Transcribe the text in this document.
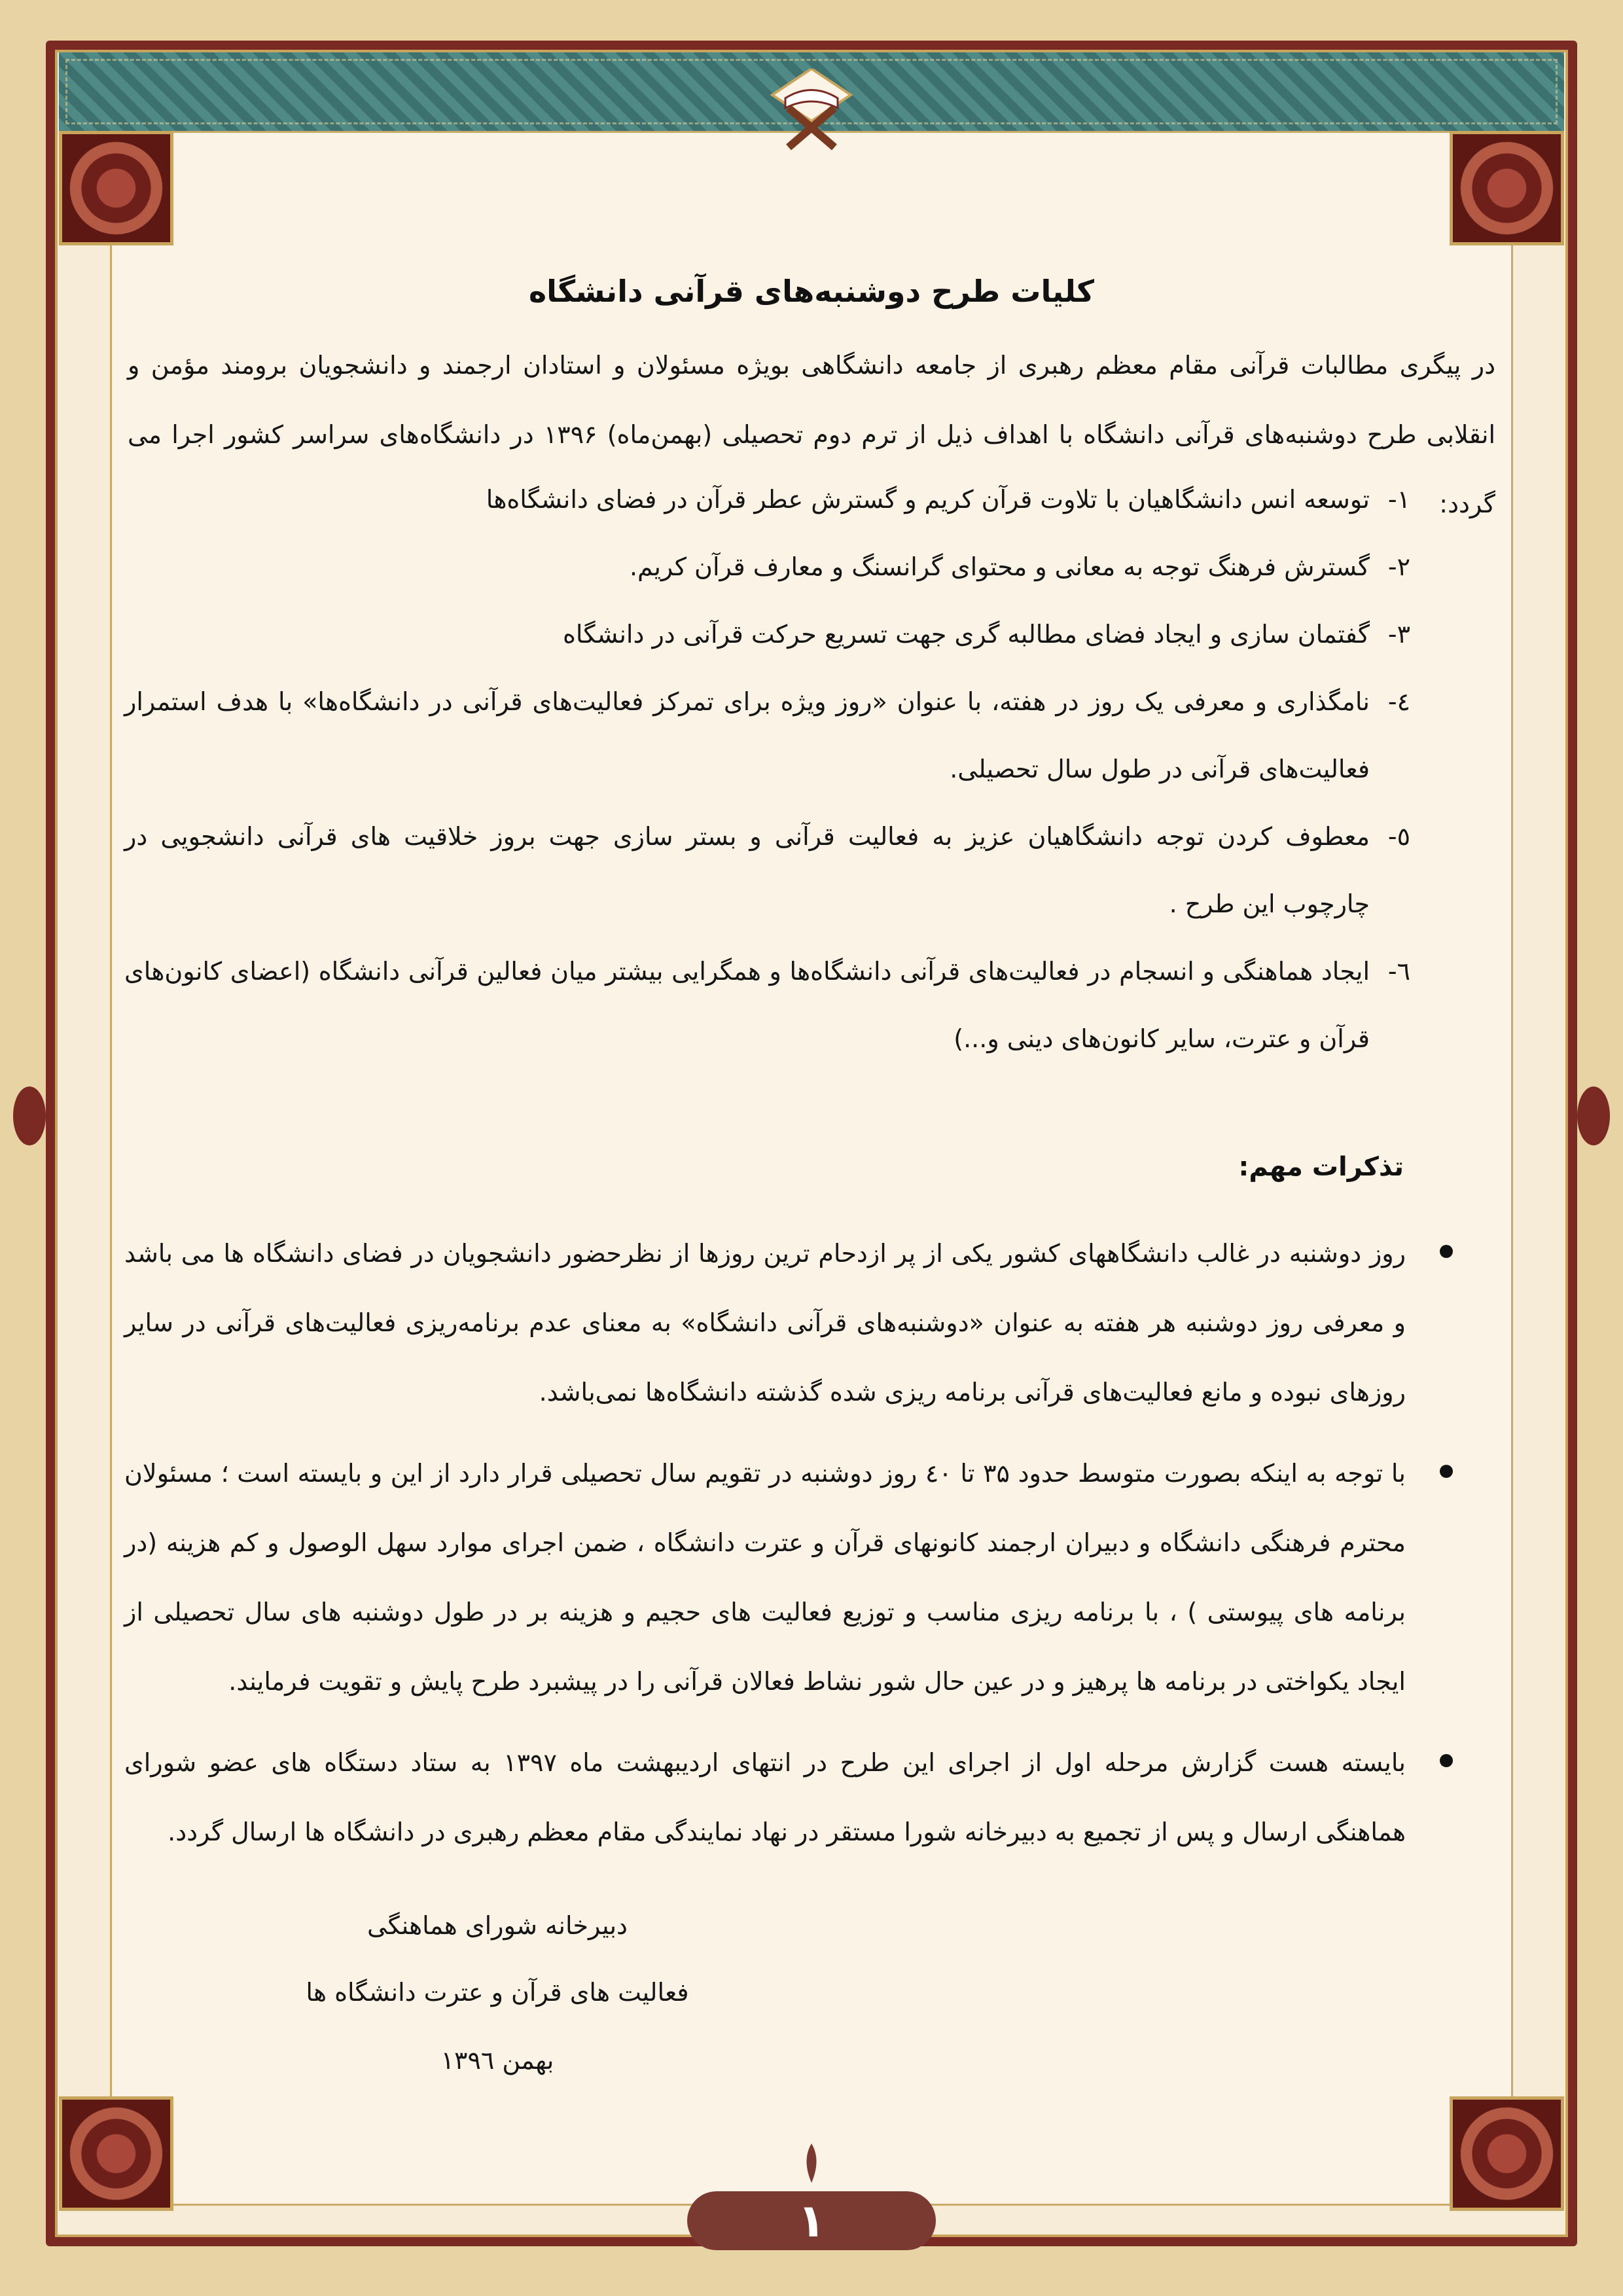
کلیات طرح دوشنبه‌های قرآنی دانشگاه
در پیگری مطالبات قرآنی مقام معظم رهبری از جامعه دانشگاهی بویژه مسئولان و استادان ارجمند و دانشجویان برومند مؤمن و انقلابی طرح دوشنبه‌های قرآنی دانشگاه با اهداف ذیل از ترم دوم تحصیلی (بهمن‌ماه) ۱۳۹۶ در دانشگاه‌های سراسر کشور اجرا می گردد:
۱-
توسعه انس دانشگاهیان با تلاوت قرآن کریم و گسترش عطر قرآن در فضای دانشگاه‌ها
۲-
گسترش فرهنگ توجه به معانی و محتوای گرانسنگ و معارف قرآن کریم.
۳-
گفتمان سازی و ایجاد فضای مطالبه گری جهت تسریع حرکت قرآنی در دانشگاه
٤-
نامگذاری و معرفی یک روز در هفته، با عنوان «روز ویژه برای تمرکز فعالیت‌های قرآنی در دانشگاه‌ها» با هدف استمرار فعالیت‌های قرآنی در طول سال تحصیلی.
٥-
معطوف کردن توجه دانشگاهیان عزیز به فعالیت قرآنی و بستر سازی جهت بروز خلاقیت های قرآنی دانشجویی در چارچوب این طرح .
٦-
ایجاد هماهنگی و انسجام در فعالیت‌های قرآنی دانشگاه‌ها و همگرایی بیشتر میان فعالین قرآنی دانشگاه (اعضای کانون‌های قرآن و عترت، سایر کانون‌های دینی و...)
تذکرات مهم:
روز دوشنبه در غالب دانشگاههای کشور یکی از پر ازدحام ترین روزها از نظرحضور دانشجویان در فضای دانشگاه ها می باشد و معرفی روز دوشنبه هر هفته به عنوان «دوشنبه‌های قرآنی دانشگاه» به معنای عدم برنامه‌ریزی فعالیت‌های قرآنی در سایر روزهای نبوده و مانع فعالیت‌های قرآنی برنامه ریزی شده گذشته دانشگاه‌ها نمی‌باشد.
با توجه به اینکه بصورت متوسط حدود ۳۵ تا ٤٠ روز دوشنبه در تقویم سال تحصیلی قرار دارد از این و بایسته است ؛ مسئولان محترم فرهنگی دانشگاه و دبیران ارجمند کانونهای قرآن و عترت دانشگاه ، ضمن اجرای موارد سهل الوصول و کم هزینه (در برنامه های پیوستی ) ، با برنامه ریزی مناسب و توزیع فعالیت های حجیم و هزینه بر در طول دوشنبه های سال تحصیلی از ایجاد یکواختی در برنامه ها پرهیز و در عین حال شور نشاط فعالان قرآنی را در پیشبرد طرح پایش و تقویت فرمایند.
بایسته هست گزارش مرحله اول از اجرای این طرح در انتهای اردیبهشت ماه ۱۳۹۷ به ستاد دستگاه های عضو شورای هماهنگی ارسال و پس از تجمیع به دبیرخانه شورا مستقر در نهاد نمایندگی مقام معظم رهبری در دانشگاه ها ارسال گردد.
دبیرخانه شورای هماهنگی
فعالیت های قرآن و عترت دانشگاه ها
بهمن ۱۳۹٦
۱
